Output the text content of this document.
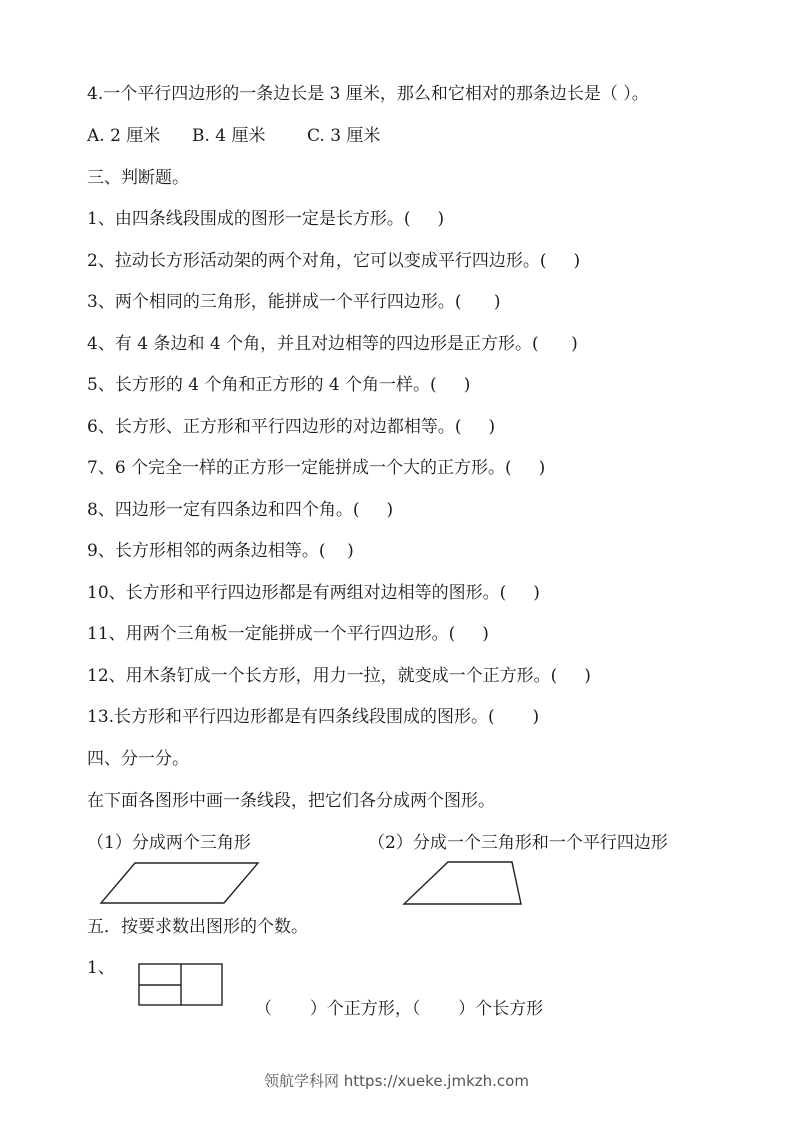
4.一个平行四边形的一条边长是 3 厘米，那么和它相对的那条边长是（ ）。
A. 2 厘米 B. 4 厘米 C. 3 厘米
三、判断题。
1、由四条线段围成的图形一定是长方形。(     )
2、拉动长方形活动架的两个对角，它可以变成平行四边形。(     )
3、两个相同的三角形，能拼成一个平行四边形。(      )
4、有 4 条边和 4 个角，并且对边相等的四边形是正方形。(      )
5、长方形的 4 个角和正方形的 4 个角一样。(     )
6、长方形、正方形和平行四边形的对边都相等。(     )
7、6 个完全一样的正方形一定能拼成一个大的正方形。(     )
8、四边形一定有四条边和四个角。(     )
9、长方形相邻的两条边相等。(    )
10、长方形和平行四边形都是有两组对边相等的图形。(     )
11、用两个三角板一定能拼成一个平行四边形。(     )
12、用木条钉成一个长方形，用力一拉，就变成一个正方形。(     )
13.长方形和平行四边形都是有四条线段围成的图形。(       )
四、分一分。
在下面各图形中画一条线段，把它们各分成两个图形。
（1）分成两个三角形	（2）分成一个三角形和一个平行四边形
五．按要求数出图形的个数。
1、
（       ）个正方形，（       ）个长方形
领航学科网 https://xueke.jmkzh.com
